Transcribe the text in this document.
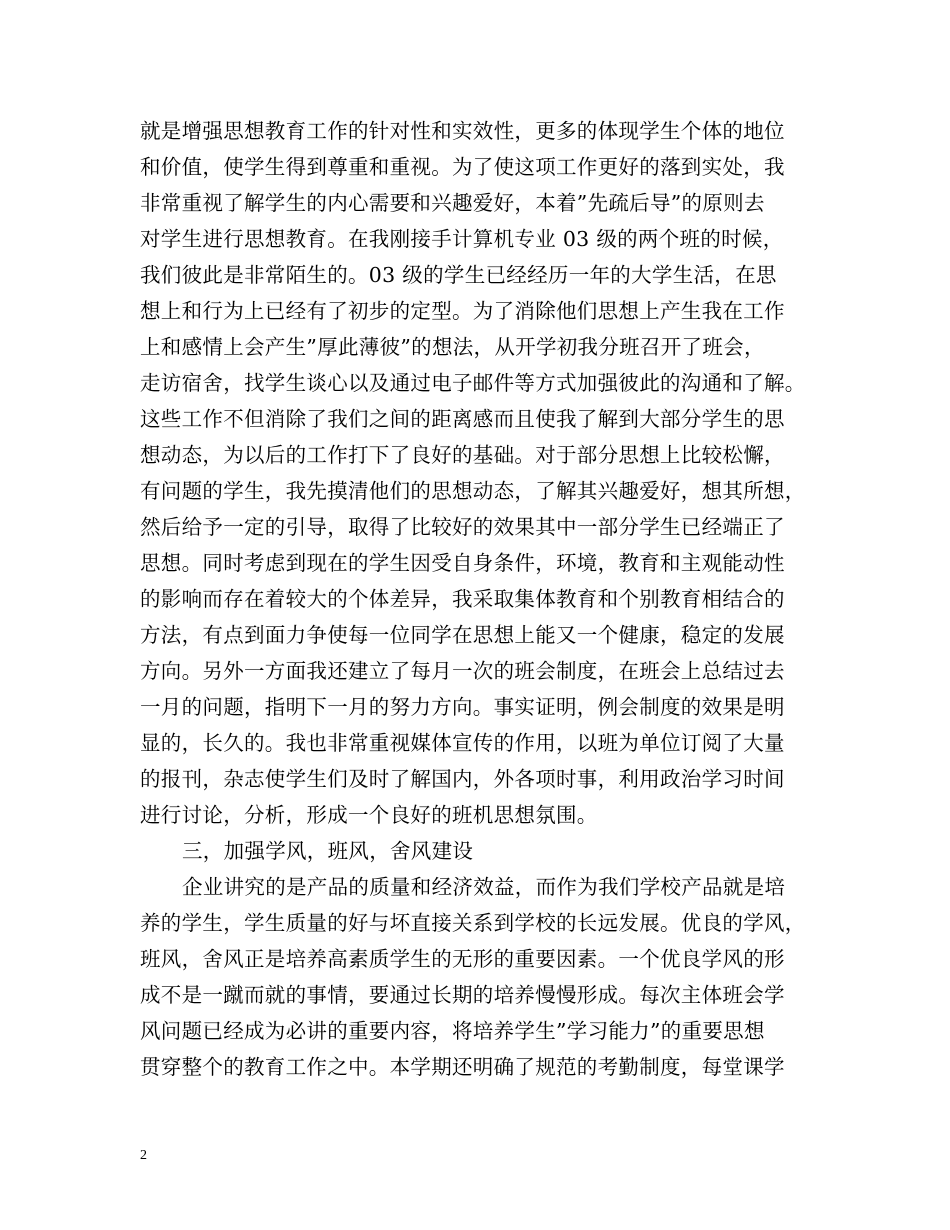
就是增强思想教育工作的针对性和实效性，更多的体现学生个体的地位
和价值，使学生得到尊重和重视。为了使这项工作更好的落到实处，我
非常重视了解学生的内心需要和兴趣爱好，本着”先疏后导”的原则去
对学生进行思想教育。在我刚接手计算机专业 03 级的两个班的时候，
我们彼此是非常陌生的。03 级的学生已经经历一年的大学生活，在思
想上和行为上已经有了初步的定型。为了消除他们思想上产生我在工作
上和感情上会产生”厚此薄彼”的想法，从开学初我分班召开了班会，
走访宿舍，找学生谈心以及通过电子邮件等方式加强彼此的沟通和了解。
这些工作不但消除了我们之间的距离感而且使我了解到大部分学生的思
想动态，为以后的工作打下了良好的基础。对于部分思想上比较松懈，
有问题的学生，我先摸清他们的思想动态，了解其兴趣爱好，想其所想，
然后给予一定的引导，取得了比较好的效果其中一部分学生已经端正了
思想。同时考虑到现在的学生因受自身条件，环境，教育和主观能动性
的影响而存在着较大的个体差异，我采取集体教育和个别教育相结合的
方法，有点到面力争使每一位同学在思想上能又一个健康，稳定的发展
方向。另外一方面我还建立了每月一次的班会制度，在班会上总结过去
一月的问题，指明下一月的努力方向。事实证明，例会制度的效果是明
显的，长久的。我也非常重视媒体宣传的作用，以班为单位订阅了大量
的报刊，杂志使学生们及时了解国内，外各项时事，利用政治学习时间
进行讨论，分析，形成一个良好的班机思想氛围。
三，加强学风，班风，舍风建设
企业讲究的是产品的质量和经济效益，而作为我们学校产品就是培
养的学生，学生质量的好与坏直接关系到学校的长远发展。优良的学风，
班风，舍风正是培养高素质学生的无形的重要因素。一个优良学风的形
成不是一蹴而就的事情，要通过长期的培养慢慢形成。每次主体班会学
风问题已经成为必讲的重要内容，将培养学生”学习能力”的重要思想
贯穿整个的教育工作之中。本学期还明确了规范的考勤制度，每堂课学
2
